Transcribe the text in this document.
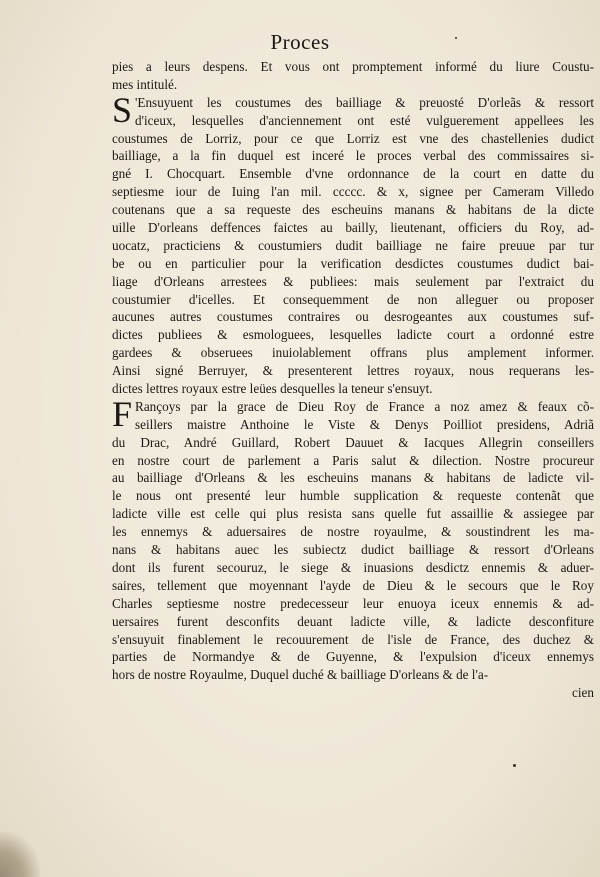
Proces
pies a leurs despens. Et vous ont promptement informé du liure Coustu-
mes intitulé.
S 'Ensuyuent les coustumes des bailliage & preuosté D'orleãs & ressort
d'iceux, lesquelles d'anciennement ont esté vulguerement appellees les
coustumes de Lorriz, pour ce que Lorriz est vne des chastellenies dudict
bailliage, a la fin duquel est inceré le proces verbal des commissaires si-
gné I. Chocquart. Ensemble d'vne ordonnance de la court en datte du
septiesme iour de Iuing l'an mil. ccccc. & x, signee per Cameram Villedo
coutenans que a sa requeste des escheuins manans & habitans de la dicte
uille D'orleans deffences faictes au bailly, lieutenant, officiers du Roy, ad-
uocatz, practiciens & coustumiers dudit bailliage ne faire preuue par tur
be ou en particulier pour la verification desdictes coustumes dudict bai-
liage d'Orleans arrestees & publiees: mais seulement par l'extraict du
coustumier d'icelles. Et consequemment de non alleguer ou proposer
aucunes autres coustumes contraires ou desrogeantes aux coustumes suf-
dictes publiees & esmologuees, lesquelles ladicte court a ordonné estre
gardees & obseruees inuiolablement offrans plus amplement informer.
Ainsi signé Berruyer, & presenterent lettres royaux, nous requerans les-
dictes lettres royaux estre leües desquelles la teneur s'ensuyt.
F Rançoys par la grace de Dieu Roy de France a noz amez & feaux cõ-
seillers maistre Anthoine le Viste & Denys Poilliot presidens, Adriã
du Drac, André Guillard, Robert Dauuet & Iacques Allegrin conseillers
en nostre court de parlement a Paris salut & dilection. Nostre procureur
au bailliage d'Orleans & les escheuins manans & habitans de ladicte vil-
le nous ont presenté leur humble supplication & requeste contenãt que
ladicte ville est celle qui plus resista sans quelle fut assaillie & assiegee par
les ennemys & aduersaires de nostre royaulme, & soustindrent les ma-
nans & habitans auec les subiectz dudict bailliage & ressort d'Orleans
dont ils furent secouruz, le siege & inuasions desdictz ennemis & aduer-
saires, tellement que moyennant l'ayde de Dieu & le secours que le Roy
Charles septiesme nostre predecesseur leur enuoya iceux ennemis & ad-
uersaires furent desconfits deuant ladicte ville, & ladicte desconfiture
s'ensuyuit finablement le recouurement de l'isle de France, des duchez &
parties de Normandye & de Guyenne, & l'expulsion d'iceux ennemys
hors de nostre Royaulme, Duquel duché & bailliage D'orleans & de l'a-
cien
